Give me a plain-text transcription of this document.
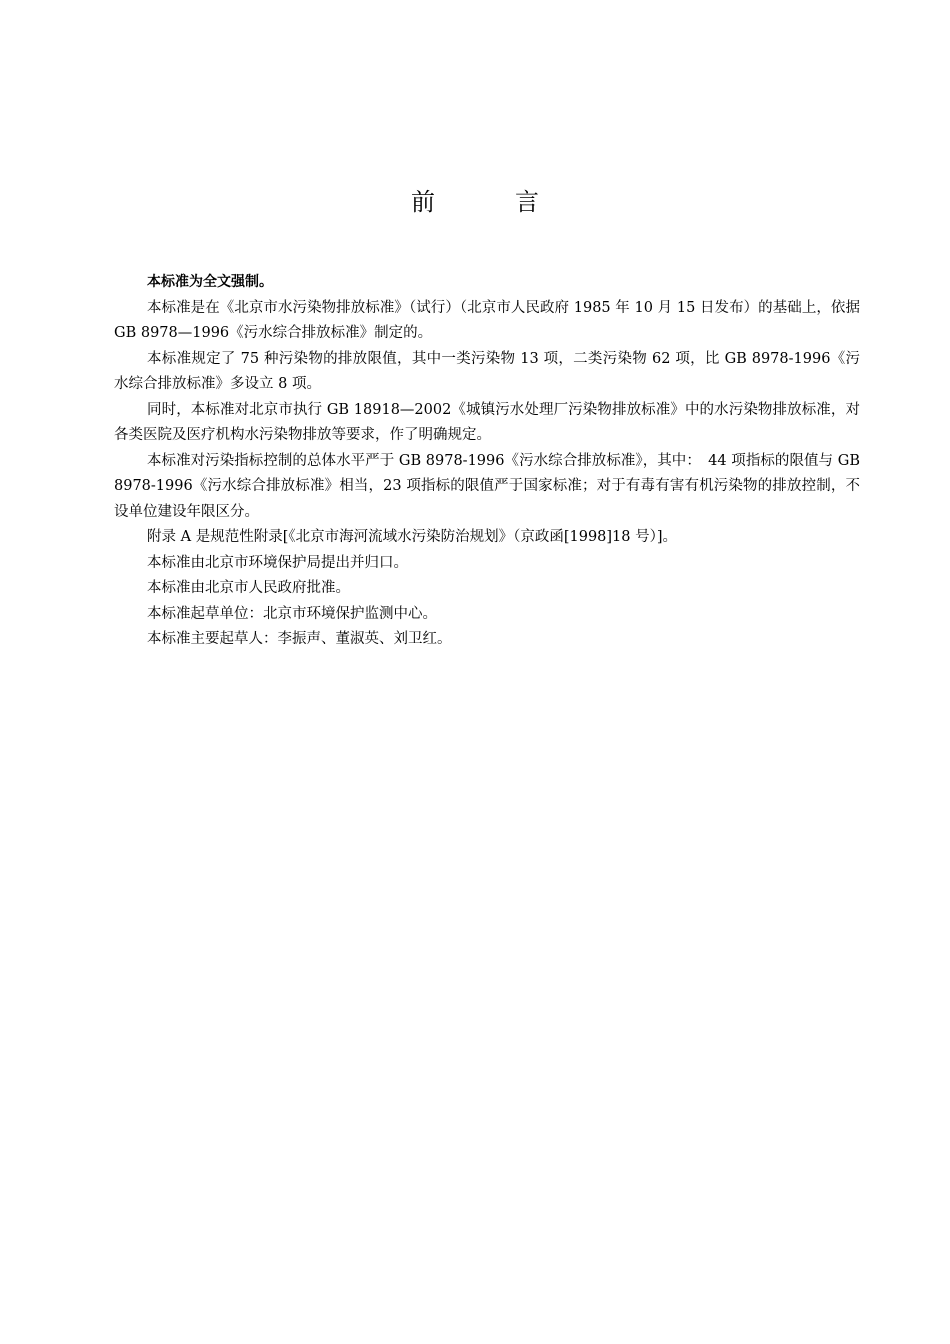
前　言

本标准为全文强制。

本标准是在《北京市水污染物排放标准》（试行）（北京市人民政府 1985 年 10 月 15 日发布）的基础上，依据 GB 8978—1996《污水综合排放标准》制定的。

本标准规定了 75 种污染物的排放限值，其中一类污染物 13 项，二类污染物 62 项，比 GB 8978-1996《污水综合排放标准》多设立 8 项。

同时，本标准对北京市执行 GB 18918—2002《城镇污水处理厂污染物排放标准》中的水污染物排放标准，对各类医院及医疗机构水污染物排放等要求，作了明确规定。

本标准对污染指标控制的总体水平严于 GB 8978-1996《污水综合排放标准》，其中：　44 项指标的限值与 GB 8978-1996《污水综合排放标准》相当，23 项指标的限值严于国家标准；对于有毒有害有机污染物的排放控制，不设单位建设年限区分。

附录 A 是规范性附录[《北京市海河流域水污染防治规划》（京政函[1998]18 号）]。

本标准由北京市环境保护局提出并归口。

本标准由北京市人民政府批准。

本标准起草单位：北京市环境保护监测中心。

本标准主要起草人：李振声、董淑英、刘卫红。
